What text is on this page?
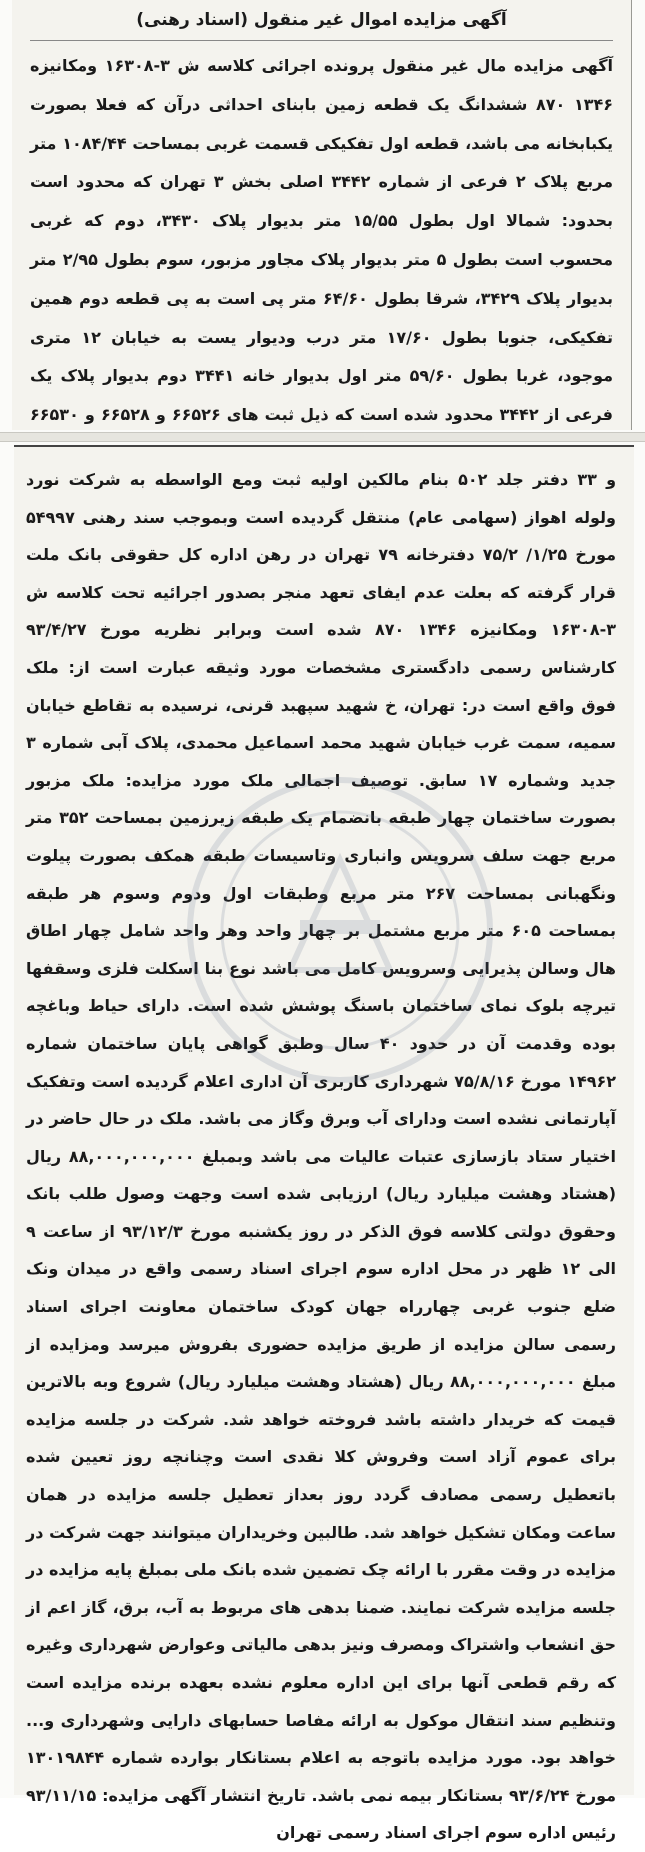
آگهی مزایده اموال غیر منقول (اسناد رهنی)

آگهی مزایده مال غیر منقول پرونده اجرائی کلاسه ش ۳-۱۶۳۰۸ ومکانیزه ۱۳۴۶ ۸۷۰ ششدانگ یک قطعه زمین بابنای احداثی درآن که فعلا بصورت یکبابخانه می باشد، قطعه اول تفکیکی قسمت غربی بمساحت ۱۰۸۴/۴۴ متر مربع پلاک ۲ فرعی از شماره ۳۴۴۲ اصلی بخش ۳ تهران که محدود است بحدود: شمالا اول بطول ۱۵/۵۵ متر بدیوار پلاک ۳۴۳۰، دوم که غربی محسوب است بطول ۵ متر بدیوار پلاک مجاور مزبور، سوم بطول ۲/۹۵ متر بدیوار پلاک ۳۴۲۹، شرقا بطول ۶۴/۶۰ متر پی است به پی قطعه دوم همین تفکیکی، جنوبا بطول ۱۷/۶۰ متر درب ودیوار یست به خیابان ۱۲ متری موجود، غربا بطول ۵۹/۶۰ متر اول بدیوار خانه ۳۴۴۱ دوم بدیوار پلاک یک فرعی از ۳۴۴۲ محدود شده است که ذیل ثبت های ۶۶۵۲۶ و ۶۶۵۲۸ و ۶۶۵۳۰

و ۳۳ دفتر جلد ۵۰۲ بنام مالکین اولیه ثبت ومع الواسطه به شرکت نورد ولوله اهواز (سهامی عام) منتقل گردیده است وبموجب سند رهنی ۵۴۹۹۷ مورخ ۱/۲۵/ ۷۵/۲ دفترخانه ۷۹ تهران در رهن اداره کل حقوقی بانک ملت قرار گرفته که بعلت عدم ایفای تعهد منجر بصدور اجرائیه تحت کلاسه ش ۳-۱۶۳۰۸ ومکانیزه ۱۳۴۶ ۸۷۰ شده است وبرابر نظریه مورخ ۹۳/۴/۲۷ کارشناس رسمی دادگستری مشخصات مورد وثیقه عبارت است از: ملک فوق واقع است در: تهران، خ شهید سپهبد قرنی، نرسیده به تقاطع خیابان سمیه، سمت غرب خیابان شهید محمد اسماعیل محمدی، پلاک آبی شماره ۳ جدید وشماره ۱۷ سابق. توصیف اجمالی ملک مورد مزایده: ملک مزبور بصورت ساختمان چهار طبقه بانضمام یک طبقه زیرزمین بمساحت ۳۵۲ متر مربع جهت سلف سرویس وانباری وتاسیسات طبقه همکف بصورت پیلوت ونگهبانی بمساحت ۲۶۷ متر مربع وطبقات اول ودوم وسوم هر طبقه بمساحت ۶۰۵ متر مربع مشتمل بر چهار واحد وهر واحد شامل چهار اطاق هال وسالن پذیرایی وسرویس کامل می باشد نوع بنا اسکلت فلزی وسقفها تیرچه بلوک نمای ساختمان باسنگ پوشش شده است. دارای حیاط وباغچه بوده وقدمت آن در حدود ۴۰ سال وطبق گواهی پایان ساختمان شماره ۱۴۹۶۲ مورخ ۷۵/۸/۱۶ شهرداری کاربری آن اداری اعلام گردیده است وتفکیک آپارتمانی نشده است ودارای آب وبرق وگاز می باشد. ملک در حال حاضر در اختیار ستاد بازسازی عتبات عالیات می باشد وبمبلغ ۸۸,۰۰۰,۰۰۰,۰۰۰ ریال (هشتاد وهشت میلیارد ریال) ارزیابی شده است وجهت وصول طلب بانک وحقوق دولتی کلاسه فوق الذکر در روز یکشنبه مورخ ۹۳/۱۲/۳ از ساعت ۹ الی ۱۲ ظهر در محل اداره سوم اجرای اسناد رسمی واقع در میدان ونک ضلع جنوب غربی چهارراه جهان کودک ساختمان معاونت اجرای اسناد رسمی سالن مزایده از طریق مزایده حضوری بفروش میرسد ومزایده از مبلغ ۸۸,۰۰۰,۰۰۰,۰۰۰ ریال (هشتاد وهشت میلیارد ریال) شروع وبه بالاترین قیمت که خریدار داشته باشد فروخته خواهد شد. شرکت در جلسه مزایده برای عموم آزاد است وفروش کلا نقدی است وچنانچه روز تعیین شده باتعطیل رسمی مصادف گردد روز بعداز تعطیل جلسه مزایده در همان ساعت ومکان تشکیل خواهد شد. طالبین وخریداران میتوانند جهت شرکت در مزایده در وقت مقرر با ارائه چک تضمین شده بانک ملی بمبلغ پایه مزایده در جلسه مزایده شرکت نمایند. ضمنا بدهی های مربوط به آب، برق، گاز اعم از حق انشعاب واشتراک ومصرف ونیز بدهی مالیاتی وعوارض شهرداری وغیره که رقم قطعی آنها برای این اداره معلوم نشده بعهده برنده مزایده است وتنظیم سند انتقال موکول به ارائه مفاصا حسابهای دارایی وشهرداری و... خواهد بود. مورد مزایده باتوجه به اعلام بستانکار بوارده شماره ۱۳۰۱۹۸۴۴ مورخ ۹۳/۶/۲۴ بستانکار بیمه نمی باشد. تاریخ انتشار آگهی مزایده: ۹۳/۱۱/۱۵ رئیس اداره سوم اجرای اسناد رسمی تهران
